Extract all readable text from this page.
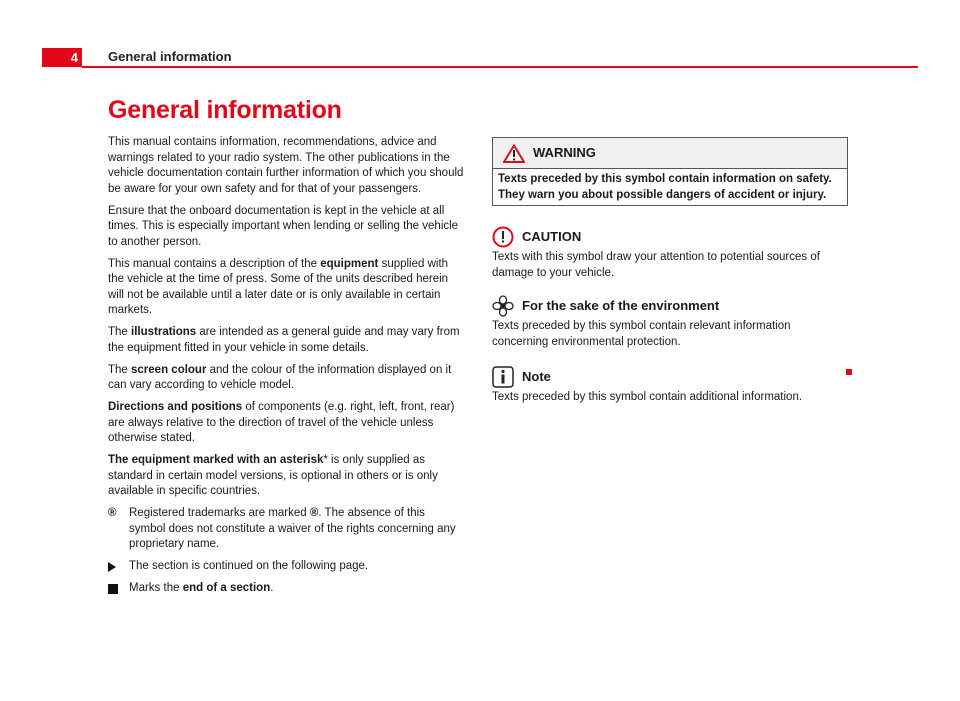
4	General information
General information

This manual contains information, recommendations, advice and warnings related to your radio system. The other publications in the vehicle documentation contain further information of which you should be aware for your own safety and for that of your passengers.

Ensure that the onboard documentation is kept in the vehicle at all times. This is especially important when lending or selling the vehicle to another person.

This manual contains a description of the equipment supplied with the vehicle at the time of press. Some of the units described herein will not be available until a later date or is only available in certain markets.

The illustrations are intended as a general guide and may vary from the equipment fitted in your vehicle in some details.

The screen colour and the colour of the information displayed on it can vary according to vehicle model.

Directions and positions of components (e.g. right, left, front, rear) are always relative to the direction of travel of the vehicle unless otherwise stated.

The equipment marked with an asterisk* is only supplied as standard in certain model versions, is optional in others or is only available in specific countries.

®	Registered trademarks are marked ®. The absence of this symbol does not constitute a waiver of the rights concerning any proprietary name.
The section is continued on the following page.
Marks the end of a section.
WARNING
Texts preceded by this symbol contain information on safety. They warn you about possible dangers of accident or injury.
CAUTION
Texts with this symbol draw your attention to potential sources of damage to your vehicle.
For the sake of the environment
Texts preceded by this symbol contain relevant information concerning environmental protection.
Note
Texts preceded by this symbol contain additional information.
